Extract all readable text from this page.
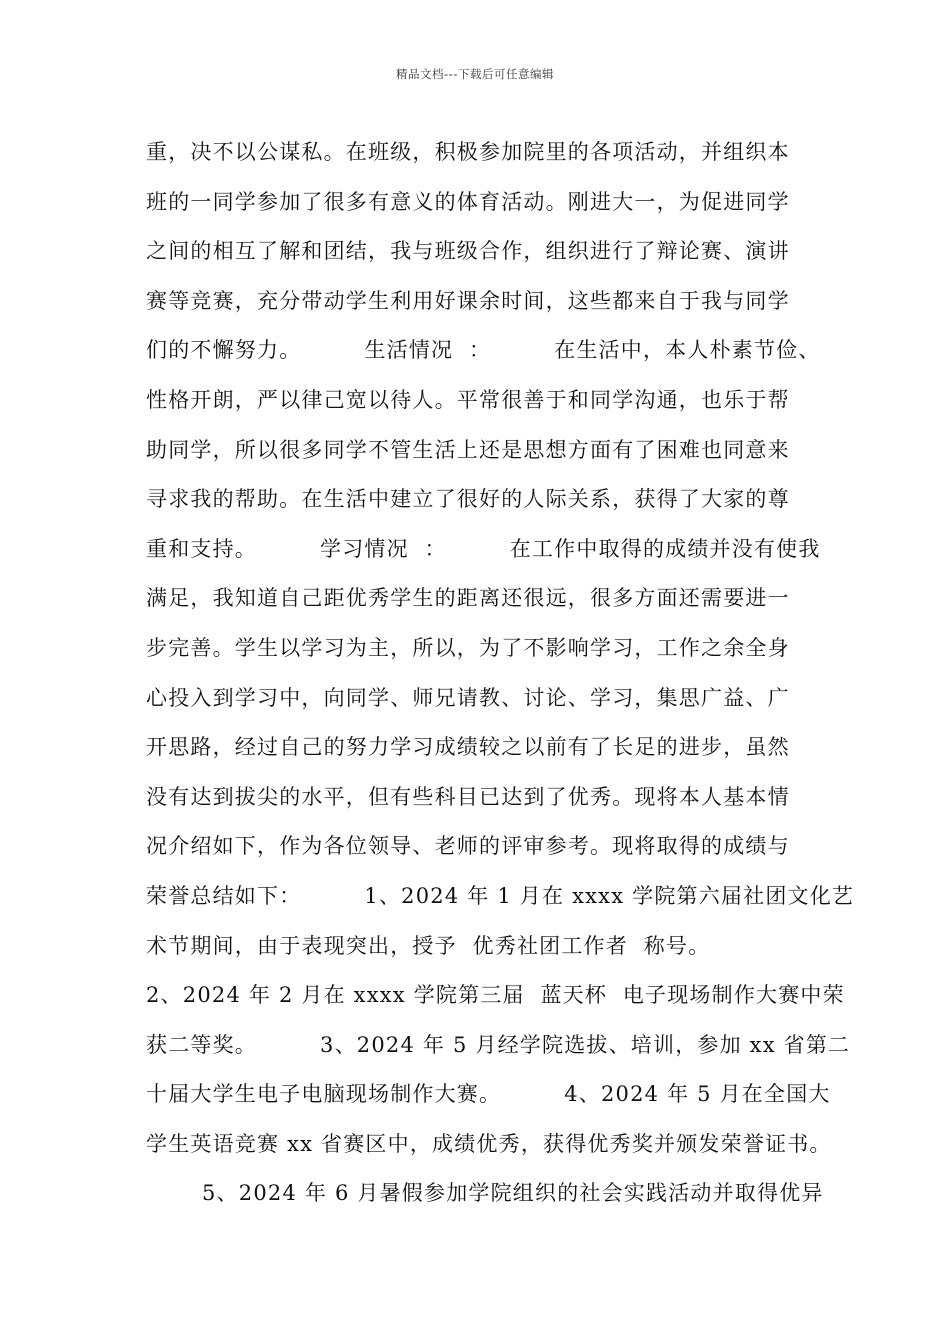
精品文档---下载后可任意编辑
重，决不以公谋私。在班级，积极参加院里的各项活动，并组织本
班的一同学参加了很多有意义的体育活动。刚进大一，为促进同学
之间的相互了解和团结，我与班级合作，组织进行了辩论赛、演讲
赛等竞赛，充分带动学生利用好课余时间，这些都来自于我与同学
们的不懈努力。        生活情况  ：        在生活中，本人朴素节俭、
性格开朗，严以律己宽以待人。平常很善于和同学沟通，也乐于帮
助同学，所以很多同学不管生活上还是思想方面有了困难也同意来
寻求我的帮助。在生活中建立了很好的人际关系，获得了大家的尊
重和支持。        学习情况  ：        在工作中取得的成绩并没有使我
满足，我知道自己距优秀学生的距离还很远，很多方面还需要进一
步完善。学生以学习为主，所以，为了不影响学习，工作之余全身
心投入到学习中，向同学、师兄请教、讨论、学习，集思广益、广
开思路，经过自己的努力学习成绩较之以前有了长足的进步，虽然
没有达到拔尖的水平，但有些科目已达到了优秀。现将本人基本情
况介绍如下，作为各位领导、老师的评审参考。现将取得的成绩与
荣誉总结如下：        1、2024 年 1 月在 xxxx 学院第六届社团文化艺
术节期间，由于表现突出，授予  优秀社团工作者  称号。
2、2024 年 2 月在 xxxx 学院第三届  蓝天杯  电子现场制作大赛中荣
获二等奖。        3、2024 年 5 月经学院选拔、培训，参加 xx 省第二
十届大学生电子电脑现场制作大赛。        4、2024 年 5 月在全国大
学生英语竞赛 xx 省赛区中，成绩优秀，获得优秀奖并颁发荣誉证书。
5、2024 年 6 月暑假参加学院组织的社会实践活动并取得优异
